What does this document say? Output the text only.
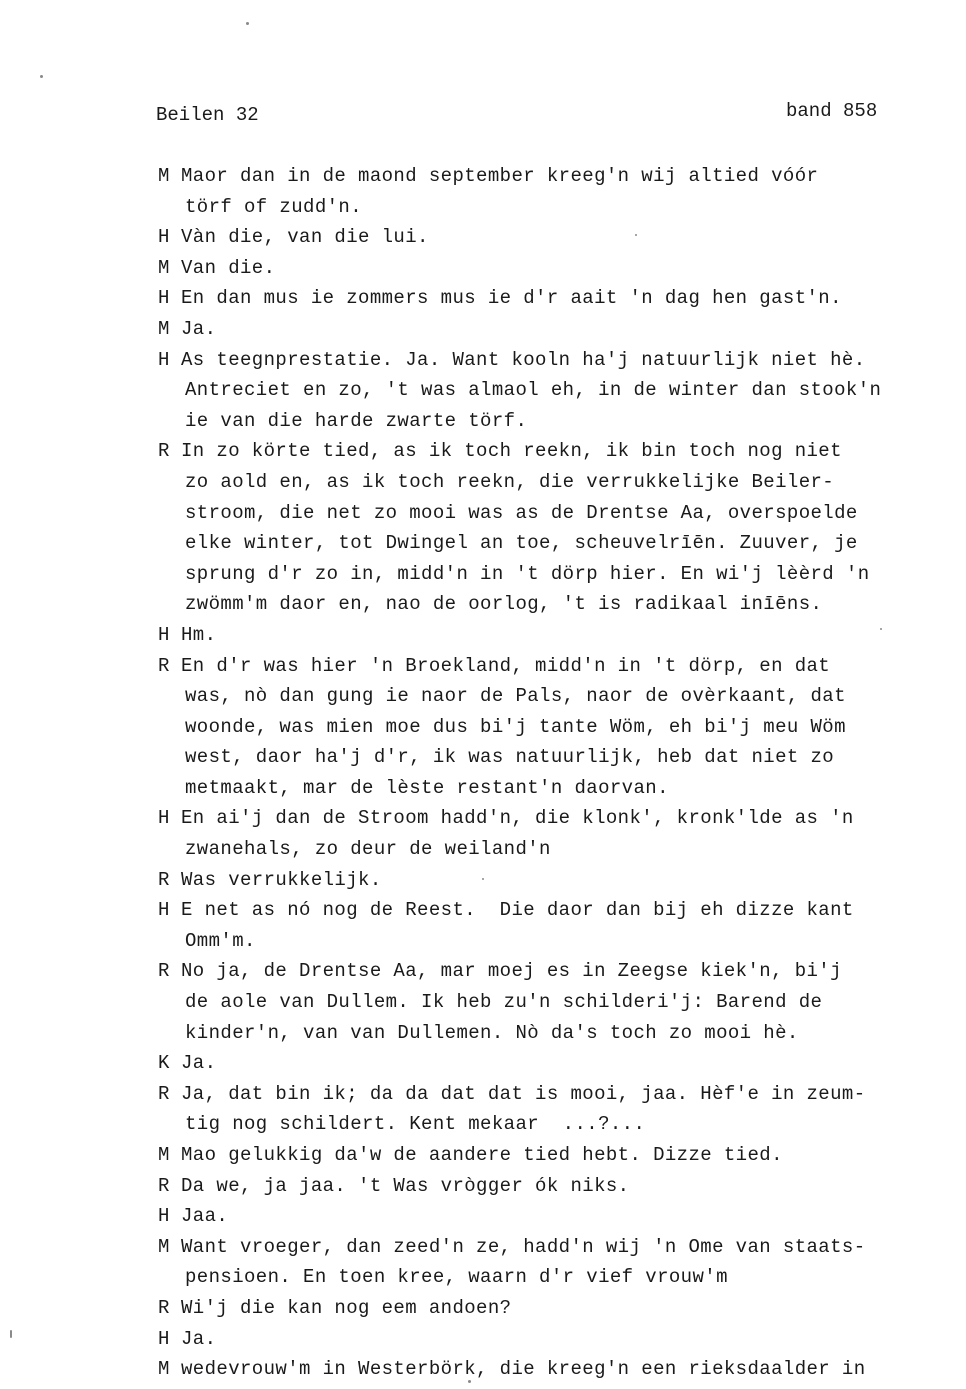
Beilen 32	band 858
M Maor dan in de maond september kreeg'n wij altied vóór
törf of zudd'n.
H Vàn die, van die lui.
M Van die.
H En dan mus ie zommers mus ie d'r aait 'n dag hen gast'n.
M Ja.
H As teegnprestatie. Ja. Want kooln ha'j natuurlijk niet hè.
Antreciet en zo, 't was almaol eh, in de winter dan stook'n
ie van die harde zwarte törf.
R In zo körte tied, as ik toch reekn, ik bin toch nog niet
zo aold en, as ik toch reekn, die verrukkelijke Beiler-
stroom, die net zo mooi was as de Drentse Aa, overspoelde
elke winter, tot Dwingel an toe, scheuvelrīēn. Zuuver, je
sprung d'r zo in, midd'n in 't dörp hier. En wi'j lèèrd 'n
zwömm'm daor en, nao de oorlog, 't is radikaal inīēns.
H Hm.
R En d'r was hier 'n Broekland, midd'n in 't dörp, en dat
was, nò dan gung ie naor de Pals, naor de ovèrkaant, dat
woonde, was mien moe dus bi'j tante Wöm, eh bi'j meu Wöm
west, daor ha'j d'r, ik was natuurlijk, heb dat niet zo
metmaakt, mar de lèste restant'n daorvan.
H En ai'j dan de Stroom hadd'n, die klonk', kronk'lde as 'n
zwanehals, zo deur de weiland'n
R Was verrukkelijk.
H E net as nó nog de Reest.  Die daor dan bij eh dizze kant
Omm'm.
R No ja, de Drentse Aa, mar moej es in Zeegse kiek'n, bi'j
de aole van Dullem. Ik heb zu'n schilderi'j: Barend de
kinder'n, van van Dullemen. Nò da's toch zo mooi hè.
K Ja.
R Ja, dat bin ik; da da dat dat is mooi, jaa. Hèf'e in zeum-
tig nog schildert. Kent mekaar  ...?...
M Mao gelukkig da'w de aandere tied hebt. Dizze tied.
R Da we, ja jaa. 't Was vrògger ók niks.
H Jaa.
M Want vroeger, dan zeed'n ze, hadd'n wij 'n Ome van staats-
pensioen. En toen kree, waarn d'r vief vrouw'm
R Wi'j die kan nog eem andoen?
H Ja.
M wedevrouw'm in Westerbörk, die kreeg'n een rieksdaalder in
